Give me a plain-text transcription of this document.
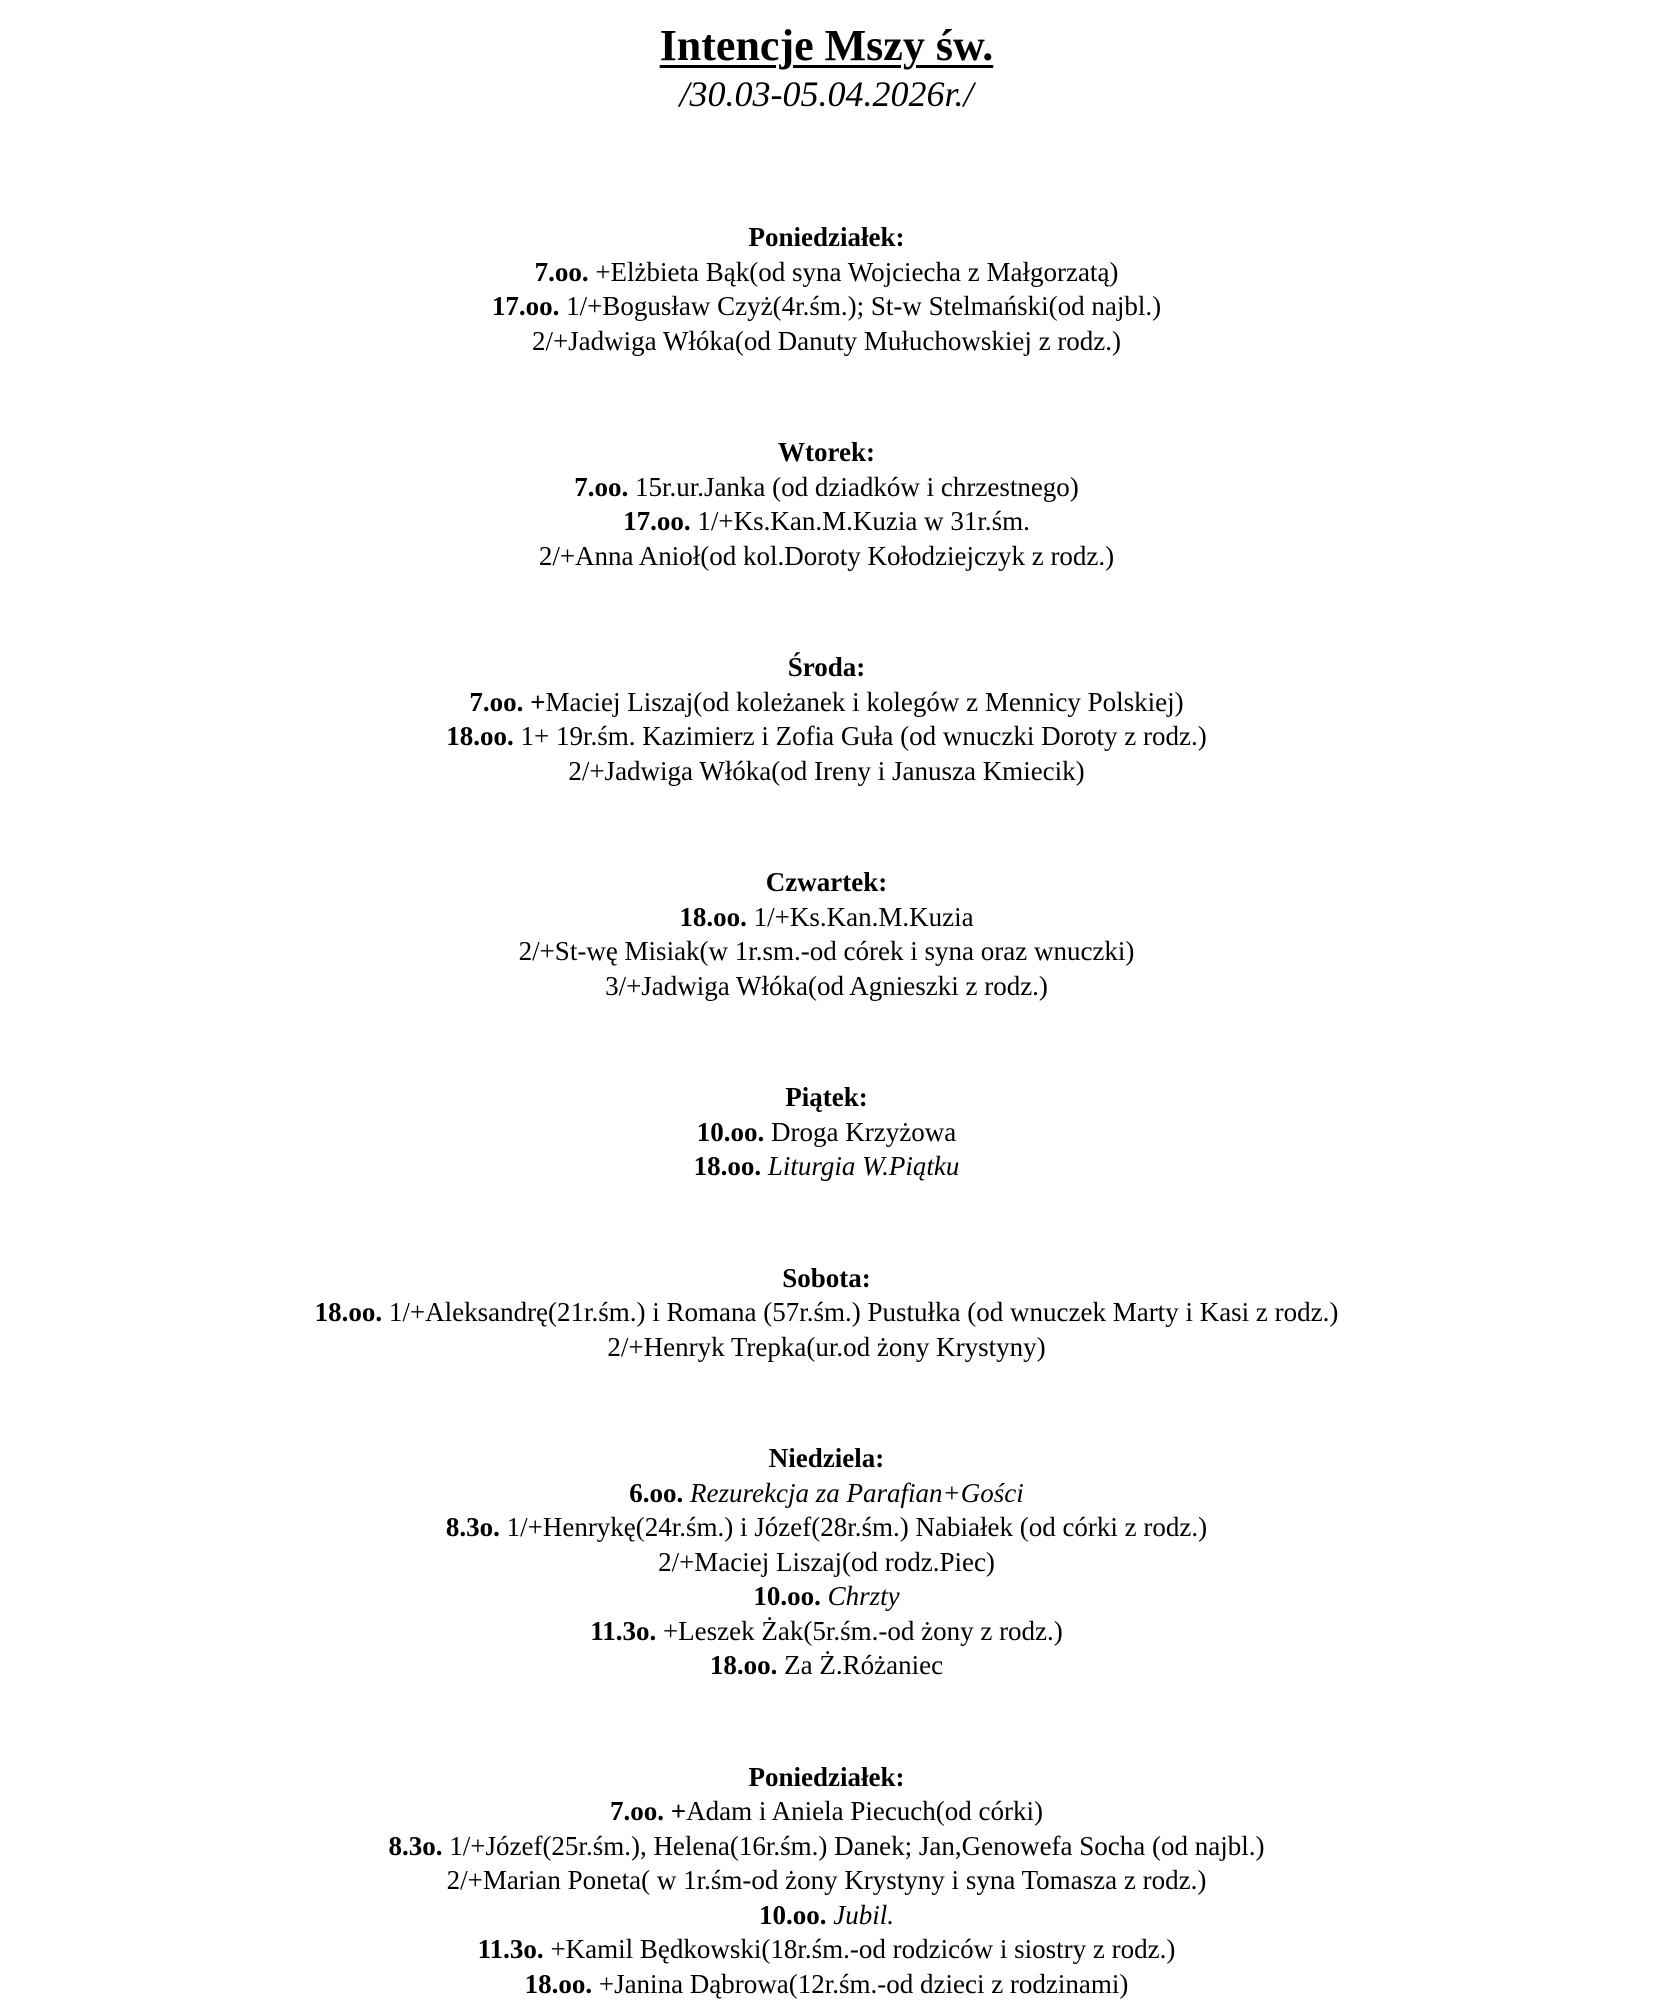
Intencje Mszy św.

/30.03-05.04.2026r./

Poniedziałek:

7.oo. +Elżbieta Bąk(od syna Wojciecha z Małgorzatą)

17.oo. 1/+Bogusław Czyż(4r.śm.); St-w Stelmański(od najbl.)

2/+Jadwiga Włóka(od Danuty Mułuchowskiej z rodz.)

Wtorek:

7.oo. 15r.ur.Janka (od dziadków i chrzestnego)

17.oo. 1/+Ks.Kan.M.Kuzia w 31r.śm.

2/+Anna Anioł(od kol.Doroty Kołodziejczyk z rodz.)

Środa:

7.oo. +Maciej Liszaj(od koleżanek i kolegów z Mennicy Polskiej)

18.oo. 1+ 19r.śm. Kazimierz i Zofia Guła (od wnuczki Doroty z rodz.)

2/+Jadwiga Włóka(od Ireny i Janusza Kmiecik)

Czwartek:

18.oo. 1/+Ks.Kan.M.Kuzia

2/+St-wę Misiak(w 1r.sm.-od córek i syna oraz wnuczki)

3/+Jadwiga Włóka(od Agnieszki z rodz.)

Piątek:

10.oo. Droga Krzyżowa

18.oo. Liturgia W.Piątku

Sobota:

18.oo. 1/+Aleksandrę(21r.śm.) i Romana (57r.śm.) Pustułka (od wnuczek Marty i Kasi z rodz.)

2/+Henryk Trepka(ur.od żony Krystyny)

Niedziela:

6.oo. Rezurekcja za Parafian+Gości

8.3o. 1/+Henrykę(24r.śm.) i Józef(28r.śm.) Nabiałek (od córki z rodz.)

2/+Maciej Liszaj(od rodz.Piec)

10.oo. Chrzty

11.3o. +Leszek Żak(5r.śm.-od żony z rodz.)

18.oo. Za Ż.Różaniec

Poniedziałek:

7.oo. +Adam i Aniela Piecuch(od córki)

8.3o. 1/+Józef(25r.śm.), Helena(16r.śm.) Danek; Jan,Genowefa Socha (od najbl.)

2/+Marian Poneta( w 1r.śm-od żony Krystyny i syna Tomasza z rodz.)

10.oo. Jubil.

11.3o. +Kamil Będkowski(18r.śm.-od rodziców i siostry z rodz.)

18.oo. +Janina Dąbrowa(12r.śm.-od dzieci z rodzinami)
